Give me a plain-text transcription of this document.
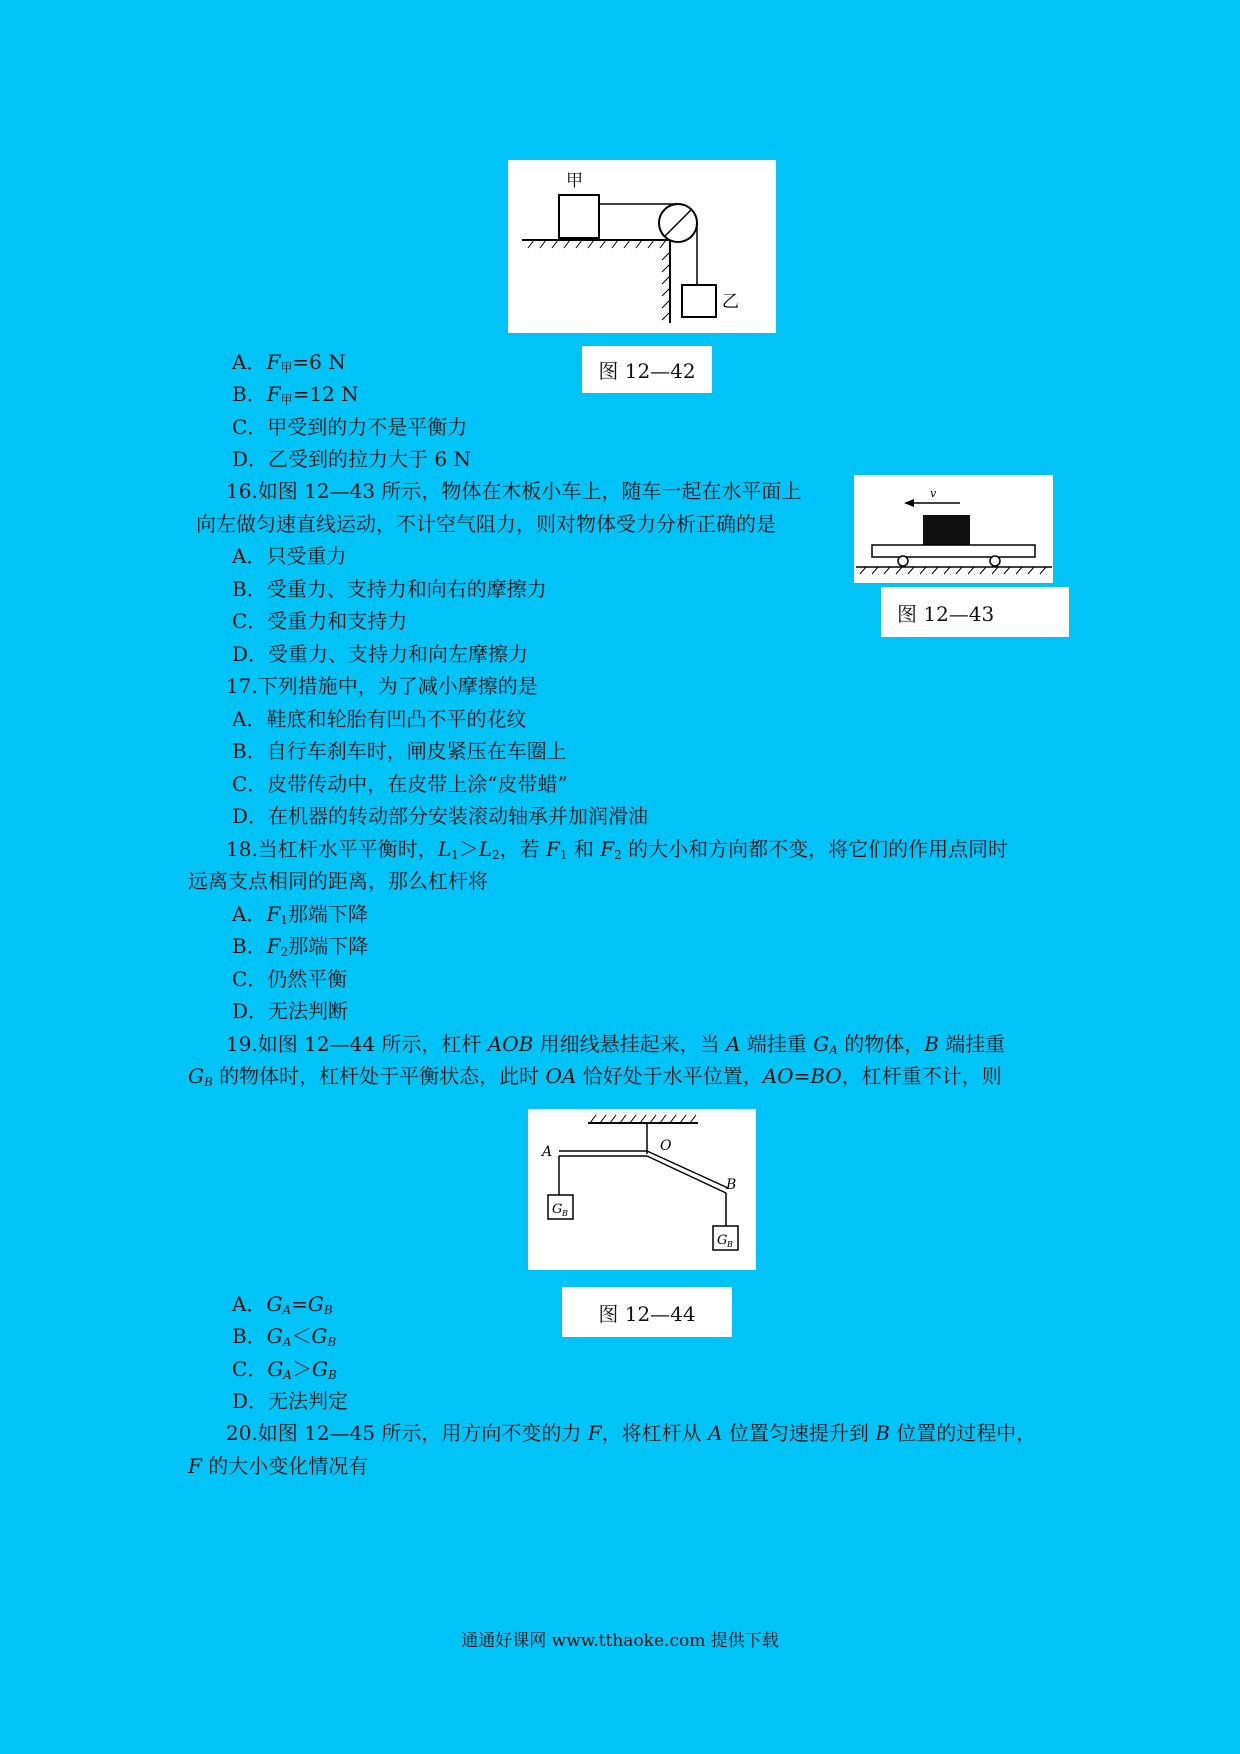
甲
乙
图 12—42
A．$F_甲=6$ N
B．$F_甲=12$ N
C．甲受到的力不是平衡力
D．乙受到的拉力大于 6 N
16.如图 12—43 所示，物体在木板小车上，随车一起在水平面上
向左做匀速直线运动，不计空气阻力，则对物体受力分析正确的是
A．只受重力
B．受重力、支持力和向右的摩擦力
C．受重力和支持力
D．受重力、支持力和向左摩擦力
v
图 12—43
17.下列措施中，为了减小摩擦的是
A．鞋底和轮胎有凹凸不平的花纹
B．自行车刹车时，闸皮紧压在车圈上
C．皮带传动中，在皮带上涂“皮带蜡”
D．在机器的转动部分安装滚动轴承并加润滑油
18.当杠杆水平平衡时，$L_1>L_2$，若 $F_1$ 和 $F_2$ 的大小和方向都不变，将它们的作用点同时
远离支点相同的距离，那么杠杆将
A．$F_1$那端下降
B．$F_2$那端下降
C．仍然平衡
D．无法判断
19.如图 12—44 所示，杠杆 AOB 用细线悬挂起来，当 A 端挂重 $G_A$ 的物体，B 端挂重
$G_B$ 的物体时，杠杆处于平衡状态，此时 OA 恰好处于水平位置，AO=BO，杠杆重不计，则
A	O
B
G B
G B
图 12—44
A．$G_A=G_B$
B．$G_A<G_B$
C．$G_A>G_B$
D．无法判定
20.如图 12—45 所示，用方向不变的力 F，将杠杆从 A 位置匀速提升到 B 位置的过程中，
F 的大小变化情况有
通通好课网 www.tthaoke.com 提供下载
